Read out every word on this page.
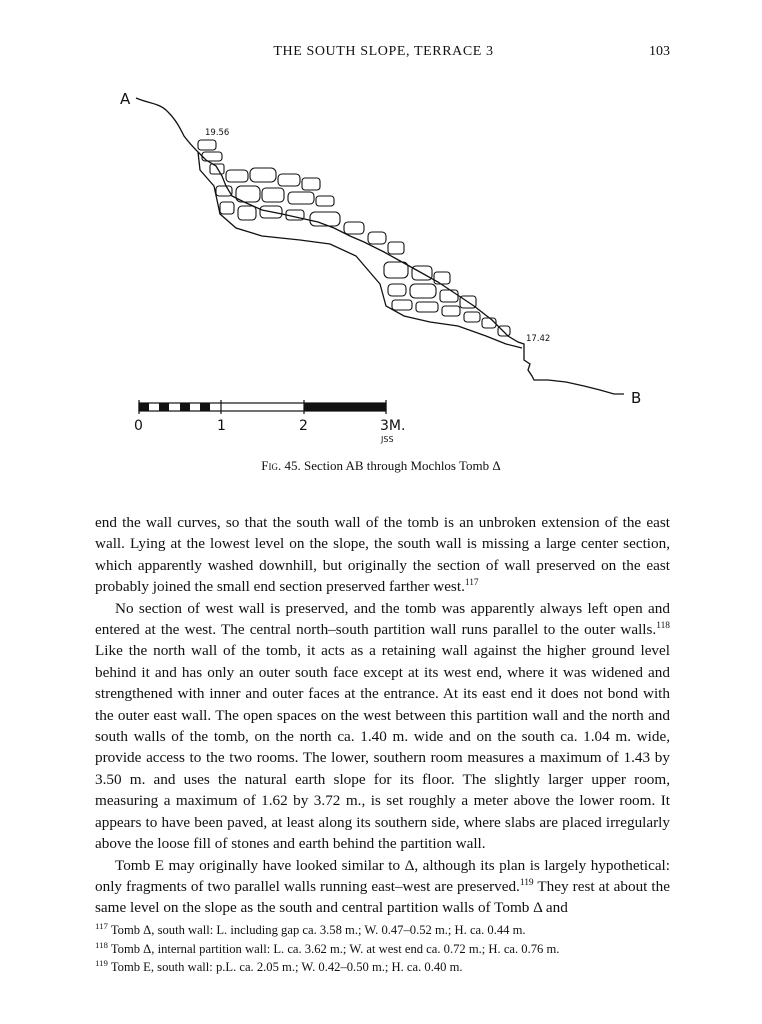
THE SOUTH SLOPE, TERRACE 3	103
A
19.56
17.42
B
0	1	2	3M.
JSS
Fig. 45. Section AB through Mochlos Tomb Δ

end the wall curves, so that the south wall of the tomb is an unbroken extension of the east wall. Lying at the lowest level on the slope, the south wall is missing a large center section, which apparently washed downhill, but originally the section of wall preserved on the east probably joined the small end section preserved farther west.$^{117}$

No section of west wall is preserved, and the tomb was apparently always left open and entered at the west. The central north–south partition wall runs parallel to the outer walls.$^{118}$ Like the north wall of the tomb, it acts as a retaining wall against the higher ground level behind it and has only an outer south face except at its west end, where it was widened and strengthened with inner and outer faces at the entrance. At its east end it does not bond with the outer east wall. The open spaces on the west between this partition wall and the north and south walls of the tomb, on the north ca. 1.40 m. wide and on the south ca. 1.04 m. wide, provide access to the two rooms. The lower, southern room measures a maximum of 1.43 by 3.50 m. and uses the natural earth slope for its floor. The slightly larger upper room, measuring a maximum of 1.62 by 3.72 m., is set roughly a meter above the lower room. It appears to have been paved, at least along its southern side, where slabs are placed irregularly above the loose fill of stones and earth behind the partition wall.

Tomb E may originally have looked similar to Δ, although its plan is largely hypothetical: only fragments of two parallel walls running east–west are preserved.$^{119}$ They rest at about the same level on the slope as the south and central partition walls of Tomb Δ and

$^{117}$ Tomb Δ, south wall: L. including gap ca. 3.58 m.; W. 0.47–0.52 m.; H. ca. 0.44 m.

$^{118}$ Tomb Δ, internal partition wall: L. ca. 3.62 m.; W. at west end ca. 0.72 m.; H. ca. 0.76 m.

$^{119}$ Tomb E, south wall: p.L. ca. 2.05 m.; W. 0.42–0.50 m.; H. ca. 0.40 m.
